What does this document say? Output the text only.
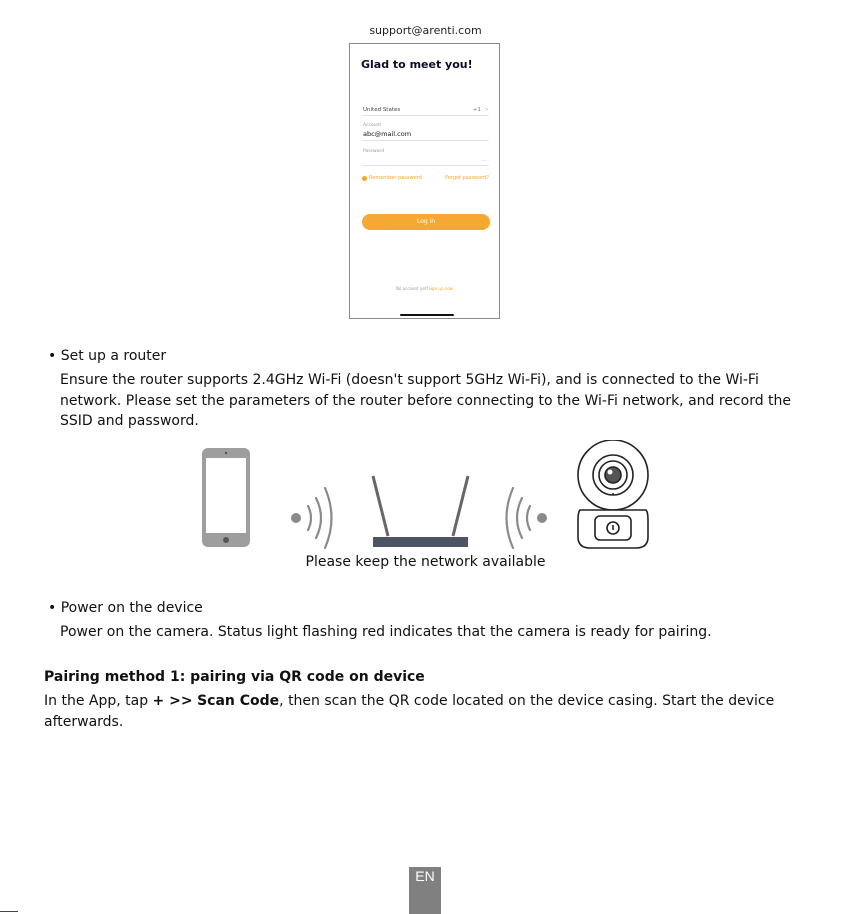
support@arenti.com
Glad to meet you!
United States	+1 >
Account
abc@mail.com
Password
-—
Remember password	Forgot password?
Log in
No account yet?Sign up now
• Set up a router
Ensure the router supports 2.4GHz Wi-Fi (doesn't support 5GHz Wi-Fi), and is connected to the Wi-Fi network. Please set the parameters of the router before connecting to the Wi-Fi network, and record the SSID and password.
Please keep the network available
• Power on the device
Power on the camera. Status light flashing red indicates that the camera is ready for pairing.
Pairing method 1: pairing via QR code on device
In the App, tap + >> Scan Code, then scan the QR code located on the device casing. Start the device afterwards.
EN
